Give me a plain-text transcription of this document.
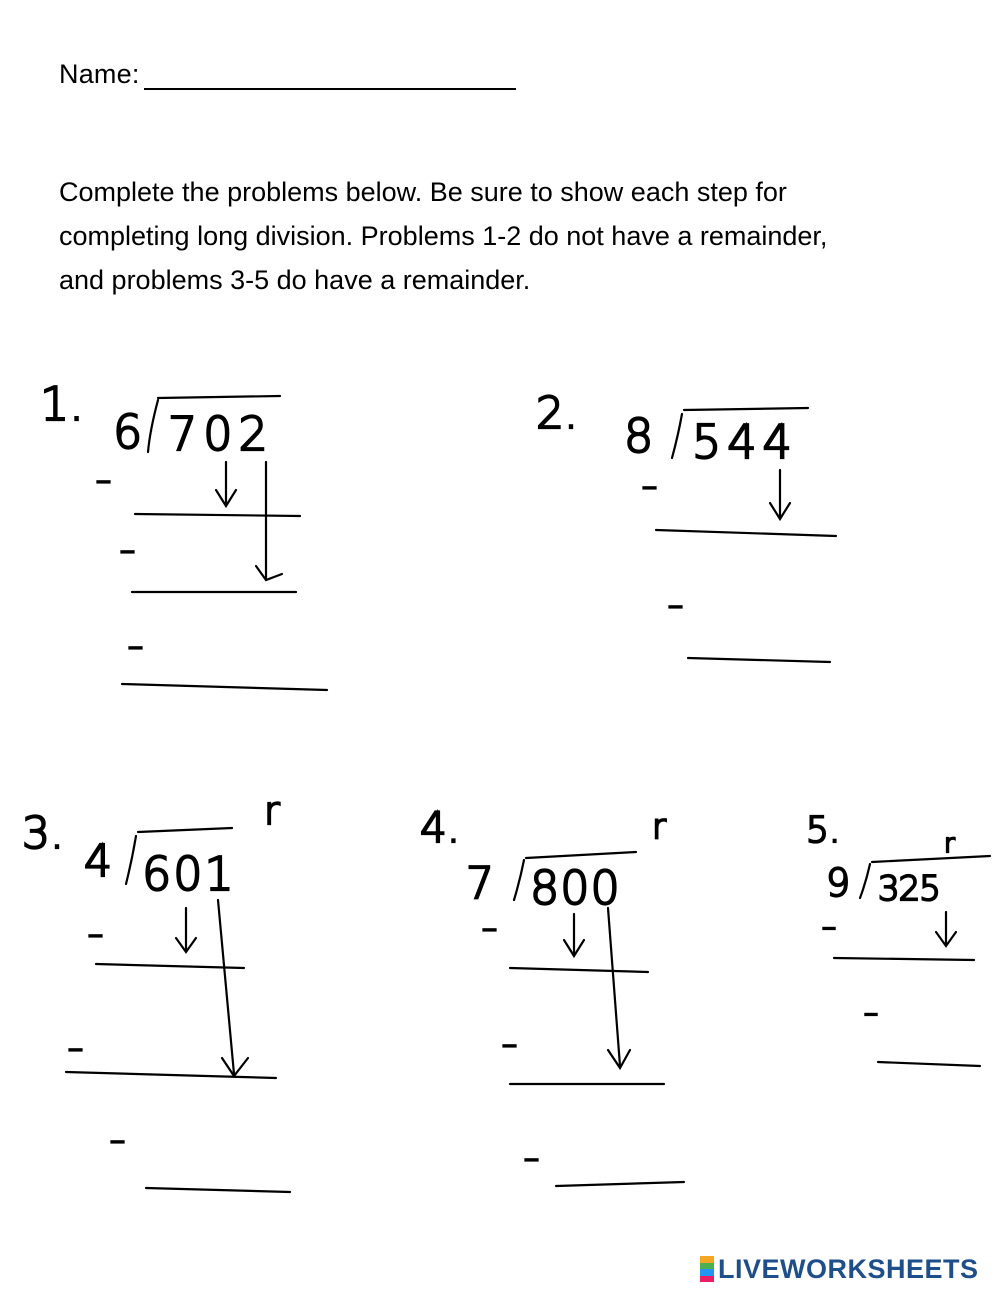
Name:

Complete the problems below. Be sure to show each step for

completing long division. Problems 1-2 do not have a remainder,

and problems 3-5 do have a remainder.

1.
6 702
–
–
–
2. 8 544
–
–
3.
4 601
r
–
–
–
4.
7 800
r
–
–
–
5.
9 325
r
–
–
LIVEWORKSHEETS
